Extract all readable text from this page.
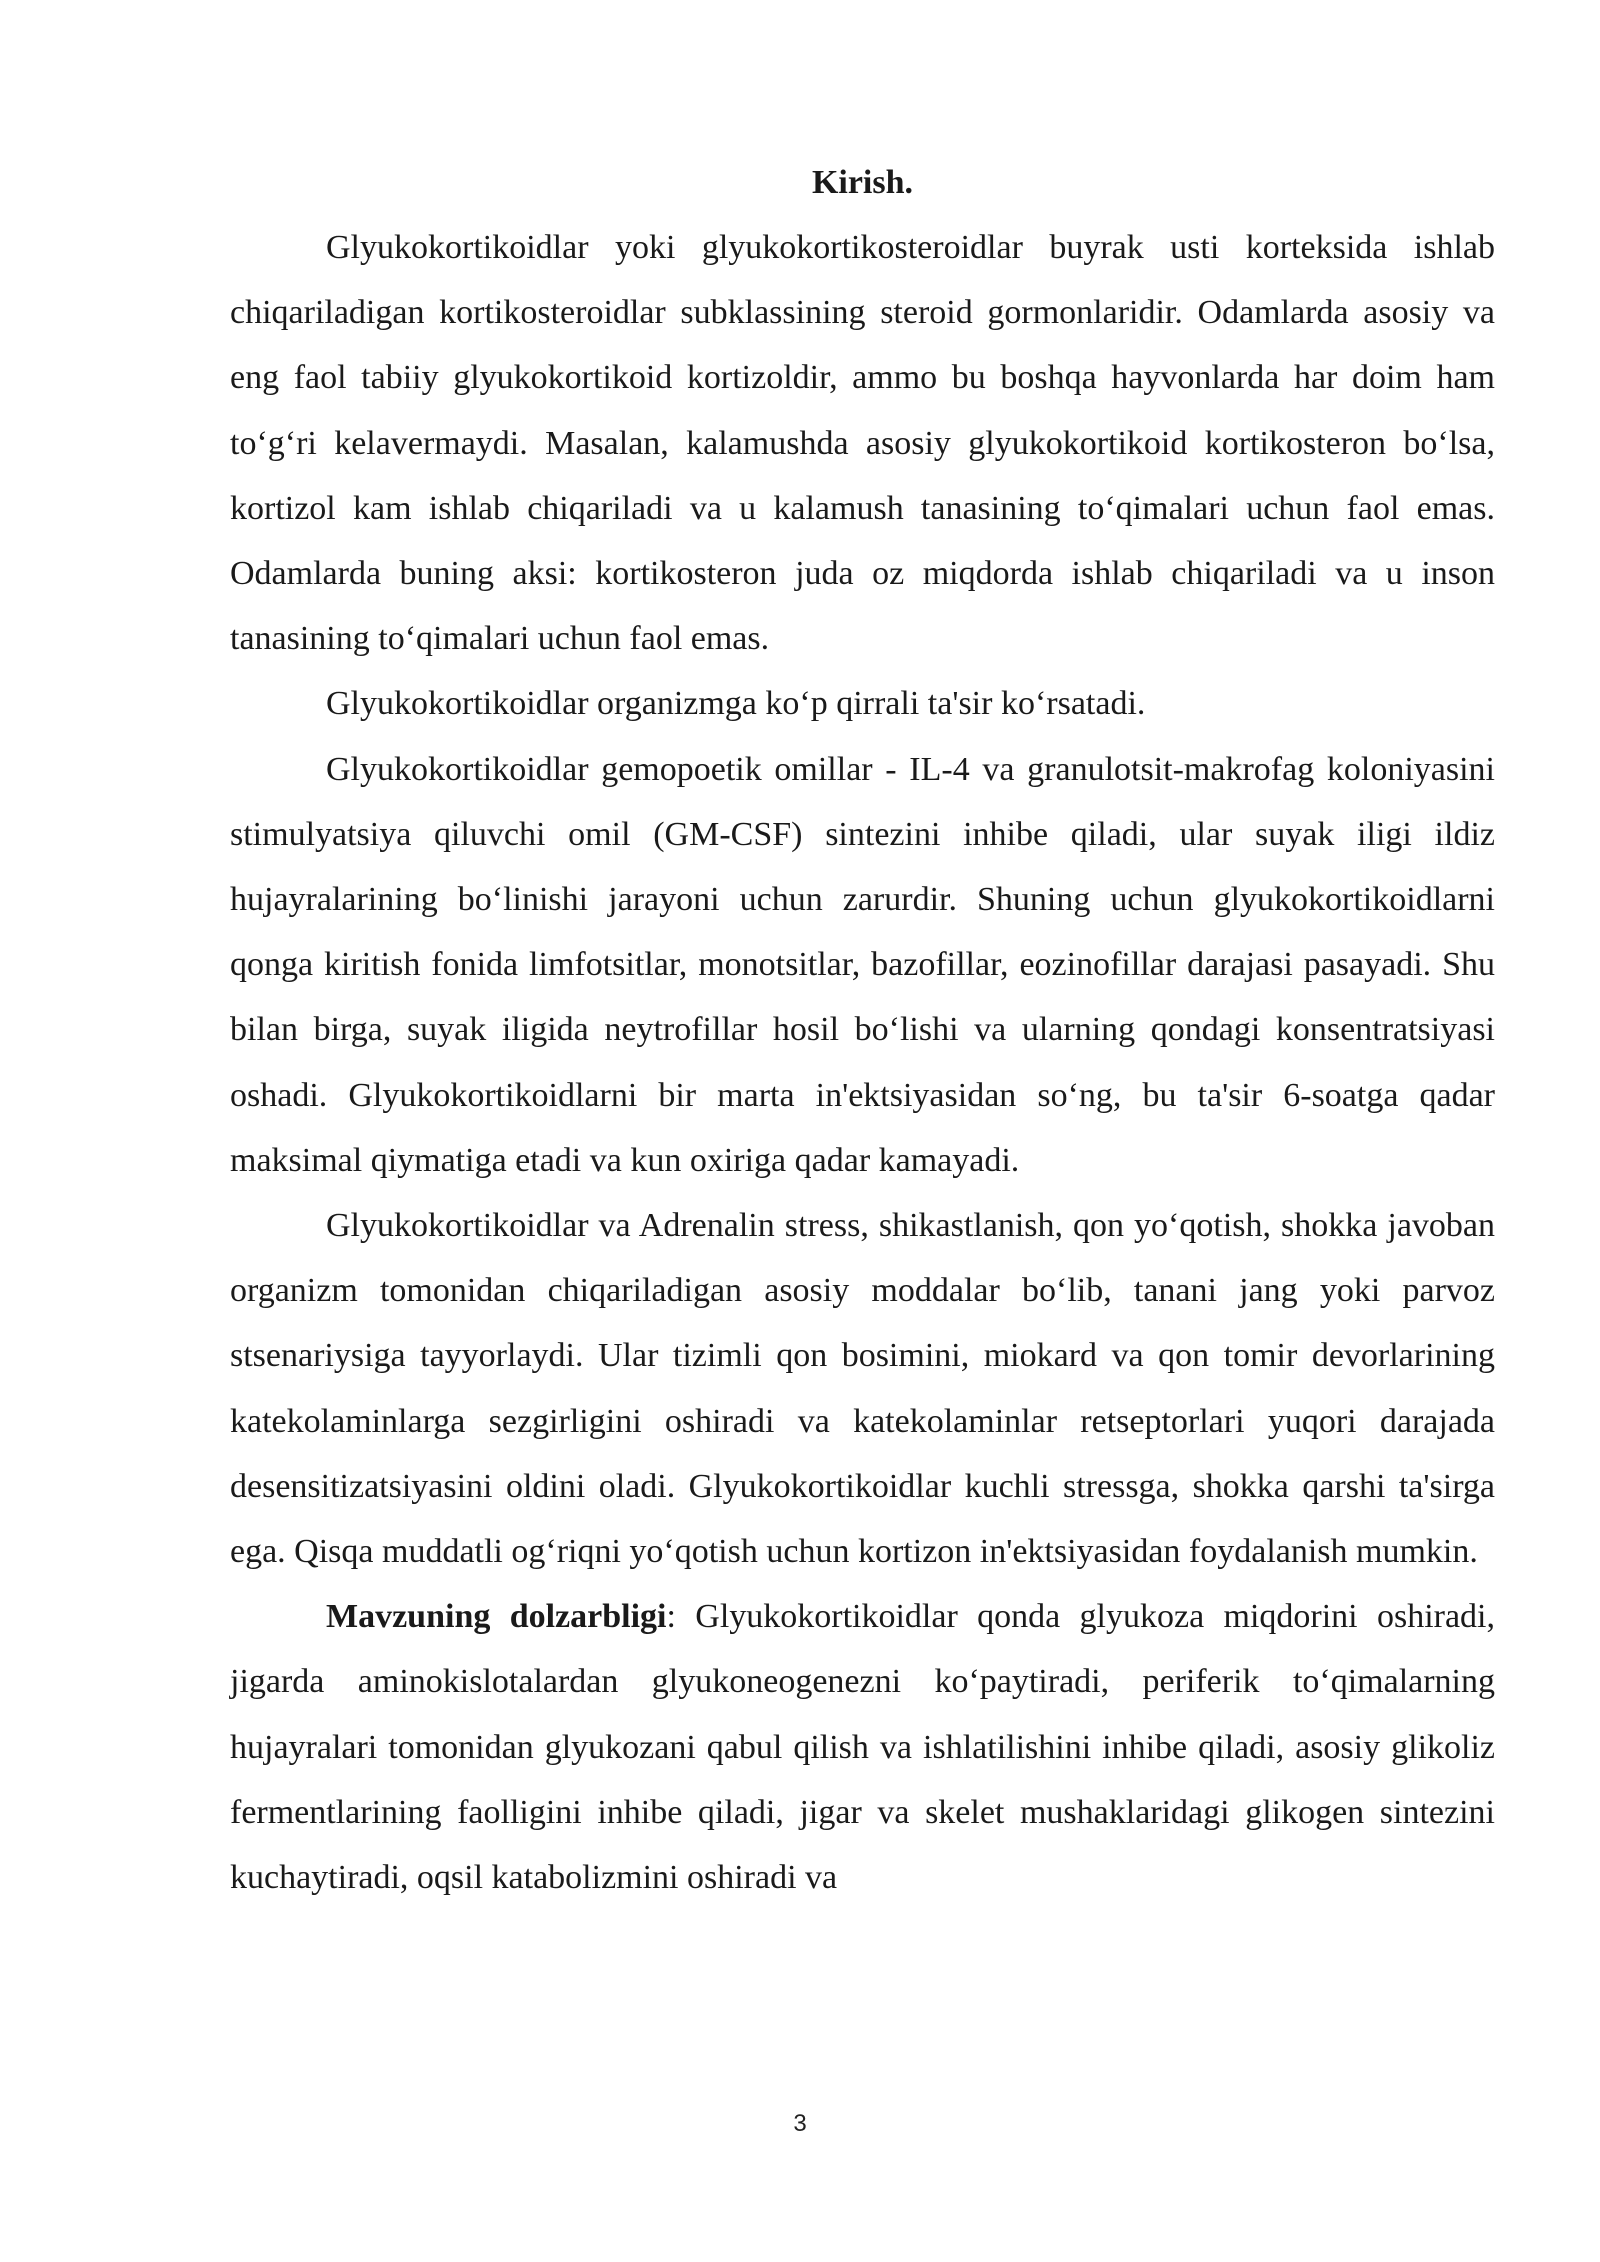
Kirish.

Glyukokortikoidlar yoki glyukokortikosteroidlar buyrak usti korteksida ishlab chiqariladigan kortikosteroidlar subklassining steroid gormonlaridir. Odamlarda asosiy va eng faol tabiiy glyukokortikoid kortizoldir, ammo bu boshqa hayvonlarda har doim ham to‘g‘ri kelavermaydi. Masalan, kalamushda asosiy glyukokortikoid kortikosteron bo‘lsa, kortizol kam ishlab chiqariladi va u kalamush tanasining to‘qimalari uchun faol emas. Odamlarda buning aksi: kortikosteron juda oz miqdorda ishlab chiqariladi va u inson tanasining to‘qimalari uchun faol emas.

Glyukokortikoidlar organizmga ko‘p qirrali ta'sir ko‘rsatadi.

Glyukokortikoidlar gemopoetik omillar - IL-4 va granulotsit-makrofag koloniyasini stimulyatsiya qiluvchi omil (GM-CSF) sintezini inhibe qiladi, ular suyak iligi ildiz hujayralarining bo‘linishi jarayoni uchun zarurdir. Shuning uchun glyukokortikoidlarni qonga kiritish fonida limfotsitlar, monotsitlar, bazofillar, eozinofillar darajasi pasayadi. Shu bilan birga, suyak iligida neytrofillar hosil bo‘lishi va ularning qondagi konsentratsiyasi oshadi. Glyukokortikoidlarni bir marta in'ektsiyasidan so‘ng, bu ta'sir 6-soatga qadar maksimal qiymatiga etadi va kun oxiriga qadar kamayadi.

Glyukokortikoidlar va Adrenalin stress, shikastlanish, qon yo‘qotish, shokka javoban organizm tomonidan chiqariladigan asosiy moddalar bo‘lib, tanani jang yoki parvoz stsenariysiga tayyorlaydi. Ular tizimli qon bosimini, miokard va qon tomir devorlarining katekolaminlarga sezgirligini oshiradi va katekolaminlar retseptorlari yuqori darajada desensitizatsiyasini oldini oladi. Glyukokortikoidlar kuchli stressga, shokka qarshi ta'sirga ega. Qisqa muddatli og‘riqni yo‘qotish uchun kortizon in'ektsiyasidan foydalanish mumkin.

Mavzuning dolzarbligi: Glyukokortikoidlar qonda glyukoza miqdorini oshiradi, jigarda aminokislotalardan glyukoneogenezni ko‘paytiradi, periferik to‘qimalarning hujayralari tomonidan glyukozani qabul qilish va ishlatilishini inhibe qiladi, asosiy glikoliz fermentlarining faolligini inhibe qiladi, jigar va skelet mushaklaridagi glikogen sintezini kuchaytiradi, oqsil katabolizmini oshiradi va

3
